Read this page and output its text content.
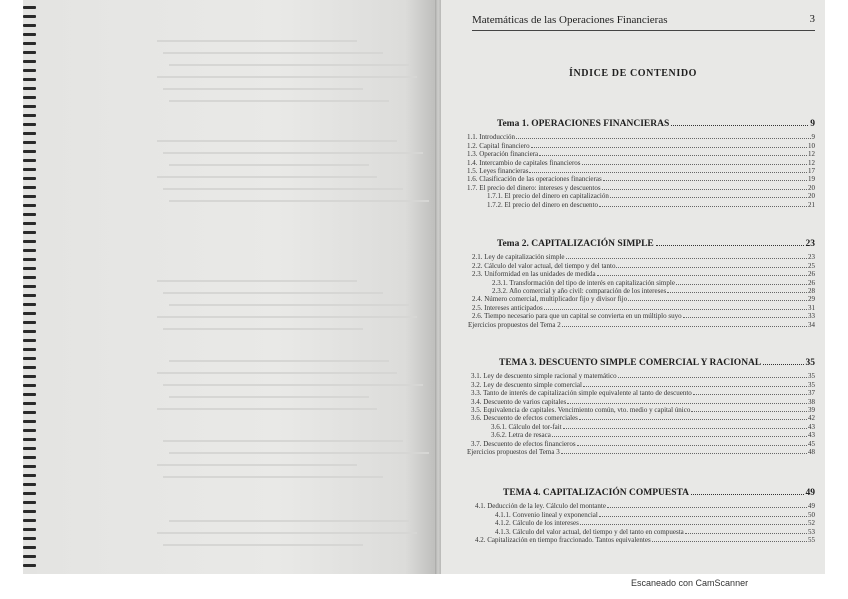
Matemáticas de las Operaciones Financieras	3
ÍNDICE DE CONTENIDO
Tema 1. OPERACIONES FINANCIERAS	9
1.1. Introducción	9
1.2. Capital financiero	10
1.3. Operación financiera	12
1.4. Intercambio de capitales financieros	12
1.5. Leyes financieras	17
1.6. Clasificación de las operaciones financieras	19
1.7. El precio del dinero: intereses y descuentos	20
1.7.1. El precio del dinero en capitalización	20
1.7.2. El precio del dinero en descuento	21
Tema 2. CAPITALIZACIÓN SIMPLE	23
2.1. Ley de capitalización simple	23
2.2. Cálculo del valor actual, del tiempo y del tanto	25
2.3. Uniformidad en las unidades de medida	26
2.3.1. Transformación del tipo de interés en capitalización simple	26
2.3.2. Año comercial y año civil: comparación de los intereses	28
2.4. Número comercial, multiplicador fijo y divisor fijo	29
2.5. Intereses anticipados	31
2.6. Tiempo necesario para que un capital se convierta en un múltiplo suyo	33
Ejercicios propuestos del Tema 2	34
TEMA 3. DESCUENTO SIMPLE COMERCIAL Y RACIONAL	35
3.1. Ley de descuento simple racional y matemático	35
3.2. Ley de descuento simple comercial	35
3.3. Tanto de interés de capitalización simple equivalente al tanto de descuento	37
3.4. Descuento de varios capitales	38
3.5. Equivalencia de capitales. Vencimiento común, vto. medio y capital único	39
3.6. Descuento de efectos comerciales	42
3.6.1. Cálculo del tor-fait	43
3.6.2. Letra de resaca	43
3.7. Descuento de efectos financieros	45
Ejercicios propuestos del Tema 3	48
TEMA 4. CAPITALIZACIÓN COMPUESTA	49
4.1. Deducción de la ley. Cálculo del montante	49
4.1.1. Convenio lineal y exponencial	50
4.1.2. Cálculo de los intereses	52
4.1.3. Cálculo del valor actual, del tiempo y del tanto en compuesta	53
4.2. Capitalización en tiempo fraccionado. Tantos equivalentes	55
Escaneado con CamScanner
